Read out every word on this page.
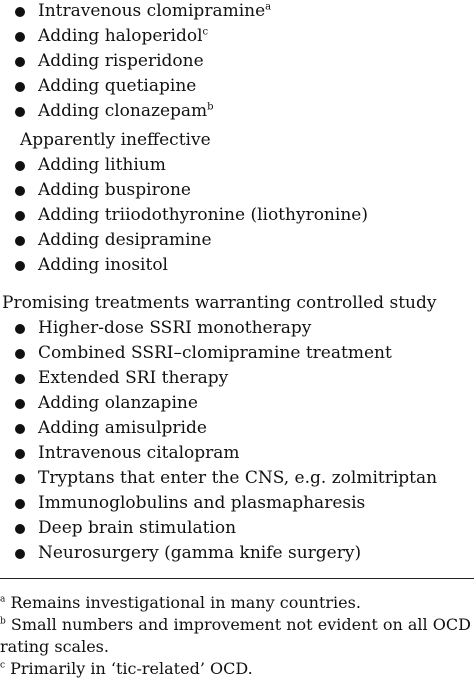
Intravenous clomipramine$^a$
Adding haloperidol$^c$
Adding risperidone
Adding quetiapine
Adding clonazepam$^b$
Apparently ineffective
Adding lithium
Adding buspirone
Adding triiodothyronine (liothyronine)
Adding desipramine
Adding inositol
Promising treatments warranting controlled study
Higher-dose SSRI monotherapy
Combined SSRI–clomipramine treatment
Extended SRI therapy
Adding olanzapine
Adding amisulpride
Intravenous citalopram
Tryptans that enter the CNS, e.g. zolmitriptan
Immunoglobulins and plasmapharesis
Deep brain stimulation
Neurosurgery (gamma knife surgery)
$^a$ Remains investigational in many countries.
$^b$ Small numbers and improvement not evident on all OCD
rating scales.
$^c$ Primarily in ‘tic-related’ OCD.
